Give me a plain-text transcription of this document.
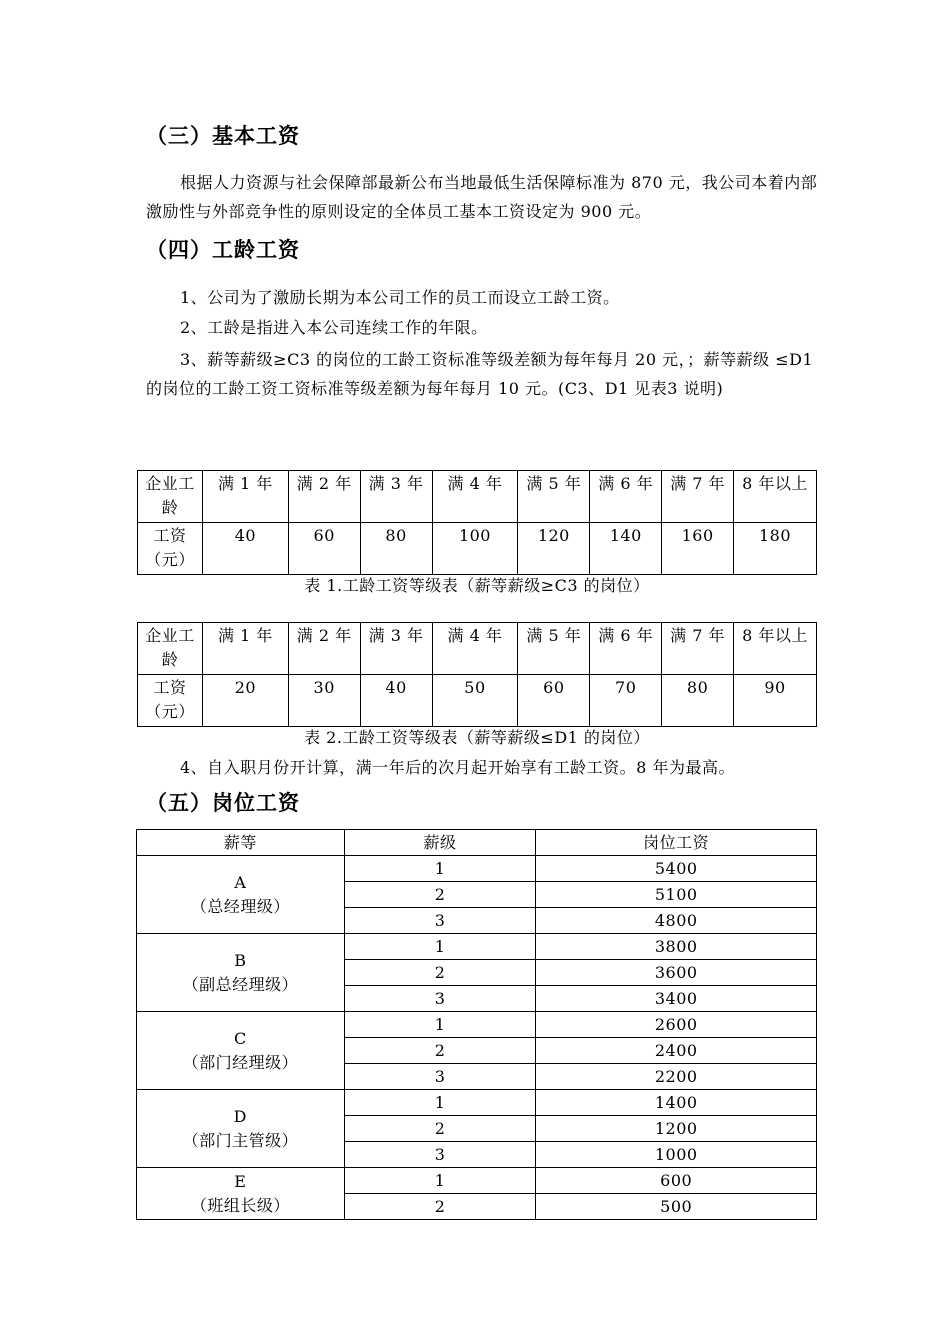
（三）基本工资
根据人力资源与社会保障部最新公布当地最低生活保障标准为 870 元，我公司本着内部激励性与外部竞争性的原则设定的全体员工基本工资设定为 900 元。
（四）工龄工资
1、公司为了激励长期为本公司工作的员工而设立工龄工资。
2、工龄是指进入本公司连续工作的年限。
3、薪等薪级≥C3 的岗位的工龄工资标准等级差额为每年每月 20 元，；薪等薪级 ≤D1 的岗位的工龄工资工资标准等级差额为每年每月 10 元。(C3、D1 见表3 说明)
企业工龄	满 1 年	满 2 年	满 3 年	满 4 年	满 5 年	满 6 年	满 7 年	8 年以上
工资（元）	40	60	80	100	120	140	160	180
表 1.工龄工资等级表（薪等薪级≥C3 的岗位）
企业工龄	满 1 年	满 2 年	满 3 年	满 4 年	满 5 年	满 6 年	满 7 年	8 年以上
工资（元）	20	30	40	50	60	70	80	90
表 2.工龄工资等级表（薪等薪级≤D1 的岗位）
4、自入职月份开计算，满一年后的次月起开始享有工龄工资。8 年为最高。
（五）岗位工资
薪等	薪级	岗位工资

A
（总经理级）	1	5400
	2	5100
	3	4800

B
（副总经理级）	1	3800
	2	3600
	3	3400

C
（部门经理级）	1	2600
	2	2400
	3	2200

D
（部门主管级）	1	1400
	2	1200
	3	1000

E
（班组长级）	1	600
	2	500
